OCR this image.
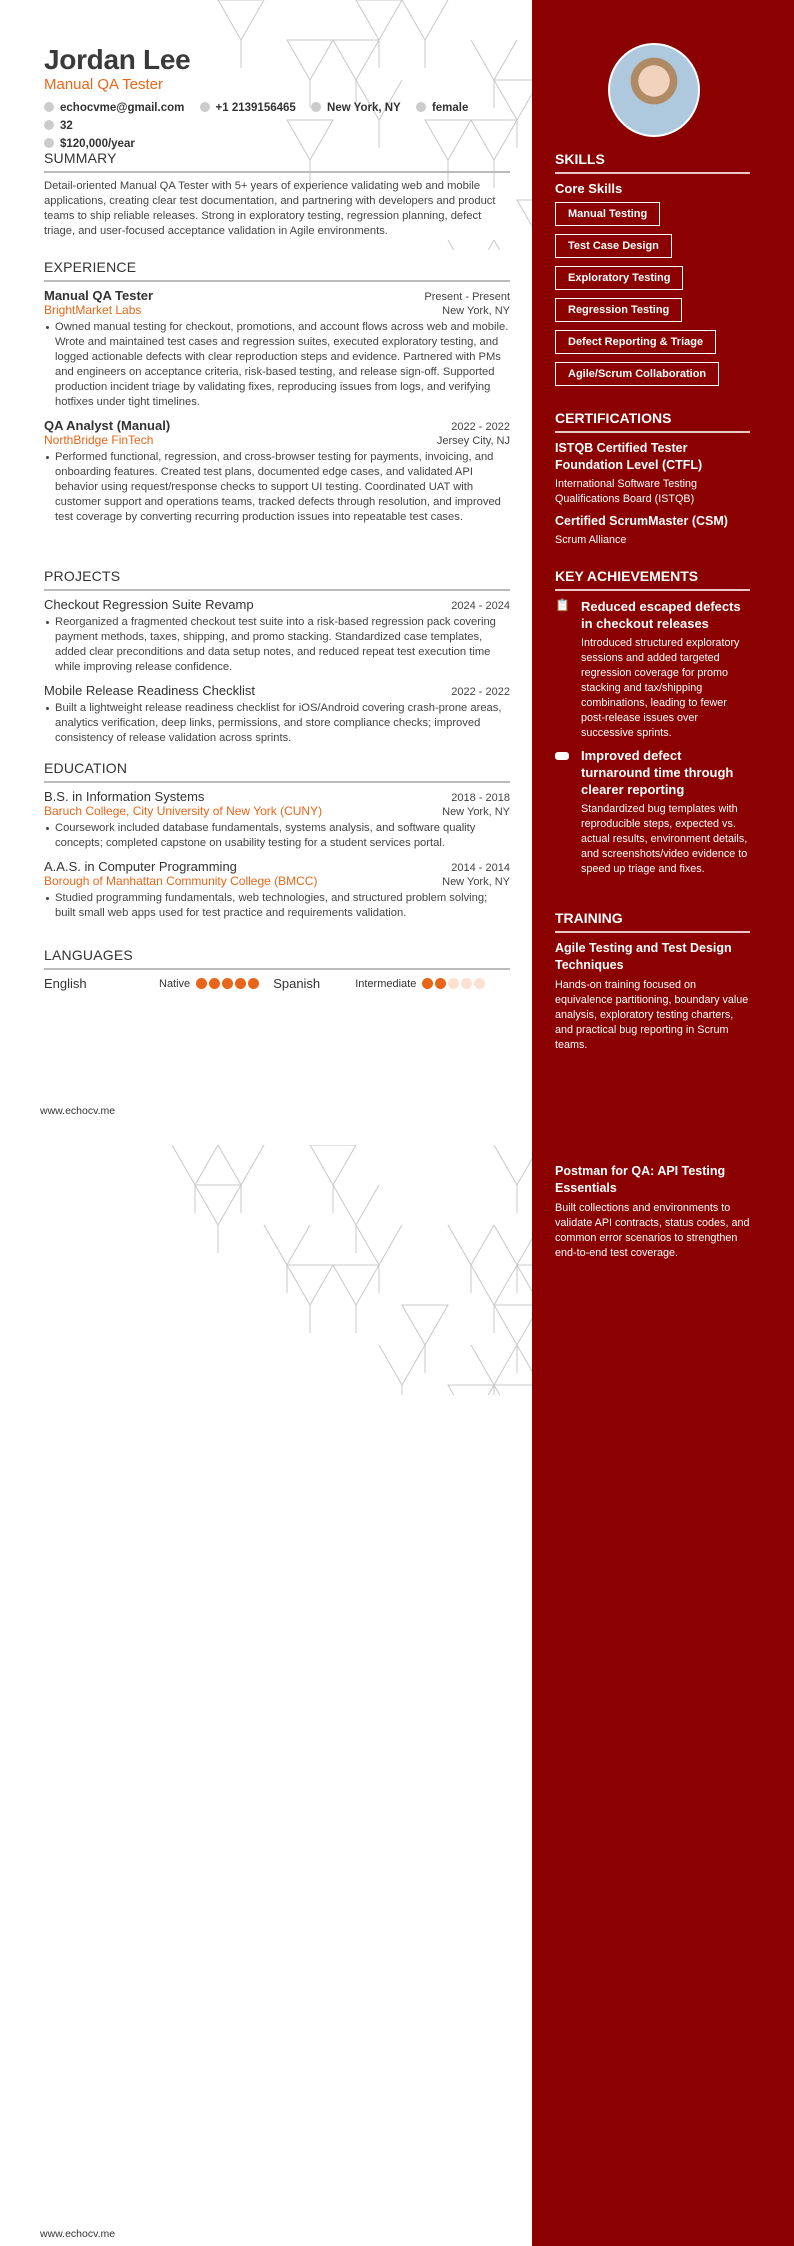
Jordan Lee
Manual QA Tester
echocvme@gmail.com	+1 2139156465	New York, NY	female 32
$120,000/year
SUMMARY
Detail-oriented Manual QA Tester with 5+ years of experience validating web and mobile applications, creating clear test documentation, and partnering with developers and product teams to ship reliable releases. Strong in exploratory testing, regression planning, defect triage, and user-focused acceptance validation in Agile environments.
EXPERIENCE
Manual QA Tester	Present - Present
BrightMarket Labs	New York, NY
Owned manual testing for checkout, promotions, and account flows across web and mobile. Wrote and maintained test cases and regression suites, executed exploratory testing, and logged actionable defects with clear reproduction steps and evidence. Partnered with PMs and engineers on acceptance criteria, risk-based testing, and release sign-off. Supported production incident triage by validating fixes, reproducing issues from logs, and verifying hotfixes under tight timelines.
QA Analyst (Manual)	2022 - 2022
NorthBridge FinTech	Jersey City, NJ
Performed functional, regression, and cross-browser testing for payments, invoicing, and onboarding features. Created test plans, documented edge cases, and validated API behavior using request/response checks to support UI testing. Coordinated UAT with customer support and operations teams, tracked defects through resolution, and improved test coverage by converting recurring production issues into repeatable test cases.
PROJECTS
Checkout Regression Suite Revamp	2024 - 2024
Reorganized a fragmented checkout test suite into a risk-based regression pack covering payment methods, taxes, shipping, and promo stacking. Standardized case templates, added clear preconditions and data setup notes, and reduced repeat test execution time while improving release confidence.
Mobile Release Readiness Checklist	2022 - 2022
Built a lightweight release readiness checklist for iOS/Android covering crash-prone areas, analytics verification, deep links, permissions, and store compliance checks; improved consistency of release validation across sprints.
EDUCATION
B.S. in Information Systems	2018 - 2018
Baruch College, City University of New York (CUNY)	New York, NY
Coursework included database fundamentals, systems analysis, and software quality concepts; completed capstone on usability testing for a student services portal.
A.A.S. in Computer Programming	2014 - 2014
Borough of Manhattan Community College (BMCC)	New York, NY
Studied programming fundamentals, web technologies, and structured problem solving; built small web apps used for test practice and requirements validation.
LANGUAGES
English	Native	Spanish	Intermediate
www.echocv.me
www.echocv.me
SKILLS
Core Skills
Manual Testing
Test Case Design
Exploratory Testing
Regression Testing
Defect Reporting & Triage
Agile/Scrum Collaboration
CERTIFICATIONS
ISTQB Certified Tester Foundation Level (CTFL)
International Software Testing Qualifications Board (ISTQB)
Certified ScrumMaster (CSM)
Scrum Alliance
KEY ACHIEVEMENTS
📋 Reduced escaped defects in checkout releases
Introduced structured exploratory sessions and added targeted regression coverage for promo stacking and tax/shipping combinations, leading to fewer post-release issues over successive sprints.
Improved defect turnaround time through clearer reporting
Standardized bug templates with reproducible steps, expected vs. actual results, environment details, and screenshots/video evidence to speed up triage and fixes.
TRAINING
Agile Testing and Test Design Techniques
Hands-on training focused on equivalence partitioning, boundary value analysis, exploratory testing charters, and practical bug reporting in Scrum teams.
Postman for QA: API Testing Essentials
Built collections and environments to validate API contracts, status codes, and common error scenarios to strengthen end-to-end test coverage.
